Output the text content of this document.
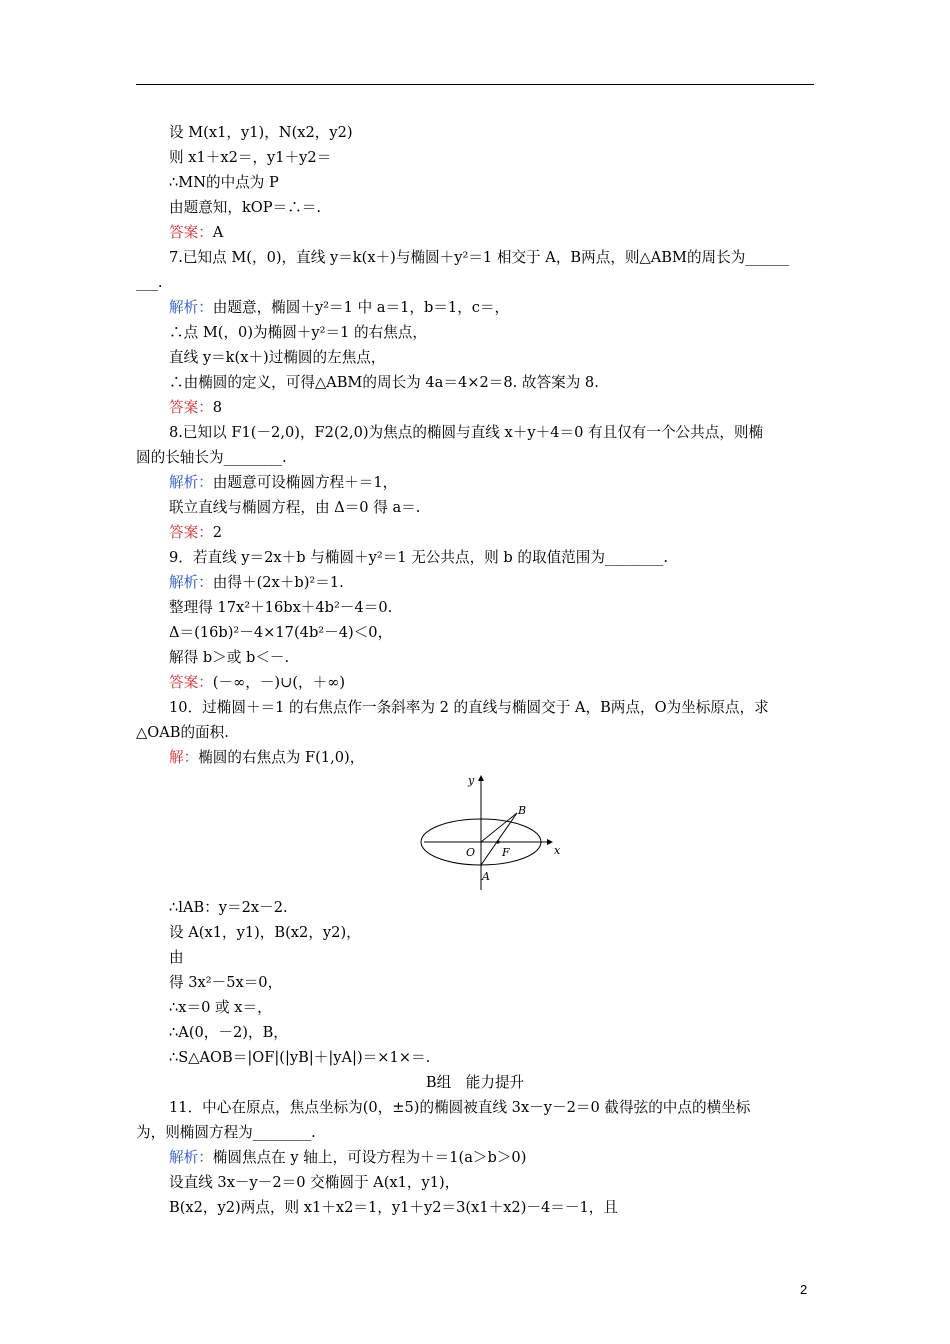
设 M(x1，y1)，N(x2，y2)
则 x1＋x2＝，y1＋y2＝
∴MN的中点为 P
由题意知，kOP＝∴＝.
答案：A
7.已知点 M(，0)，直线 y＝k(x＋)与椭圆＋y²＝1 相交于 A，B两点，则△ABM的周长为______
___.
解析：由题意，椭圆＋y²＝1 中 a＝1，b＝1，c＝，
∴点 M(，0)为椭圆＋y²＝1 的右焦点，
直线 y＝k(x＋)过椭圆的左焦点，
∴由椭圆的定义，可得△ABM的周长为 4a＝4×2＝8. 故答案为 8.
答案：8
8.已知以 F1(－2,0)，F2(2,0)为焦点的椭圆与直线 x＋y＋4＝0 有且仅有一个公共点，则椭
圆的长轴长为________.
解析：由题意可设椭圆方程＋＝1，
联立直线与椭圆方程，由 Δ＝0 得 a＝.
答案：2
9．若直线 y＝2x＋b 与椭圆＋y²＝1 无公共点，则 b 的取值范围为________.
解析：由得＋(2x＋b)²＝1.
整理得 17x²＋16bx＋4b²－4＝0.
Δ＝(16b)²－4×17(4b²－4)＜0，
解得 b＞或 b＜－.
答案：(－∞，－)∪(，＋∞)
10．过椭圆＋＝1 的右焦点作一条斜率为 2 的直线与椭圆交于 A，B两点，O为坐标原点，求
△OAB的面积.
解：椭圆的右焦点为 F(1,0)，
y
x
O F
A
B
∴lAB：y＝2x－2.
设 A(x1，y1)，B(x2，y2)，
由
得 3x²－5x＝0，
∴x＝0 或 x＝，
∴A(0，－2)，B，
∴S△AOB＝|OF|(|yB|＋|yA|)＝×1×＝.
B组　能力提升
11．中心在原点，焦点坐标为(0，±5)的椭圆被直线 3x－y－2＝0 截得弦的中点的横坐标
为，则椭圆方程为________.
解析：椭圆焦点在 y 轴上，可设方程为＋＝1(a＞b＞0)
设直线 3x－y－2＝0 交椭圆于 A(x1，y1)，
B(x2，y2)两点，则 x1＋x2＝1，y1＋y2＝3(x1＋x2)－4＝－1，且
2
